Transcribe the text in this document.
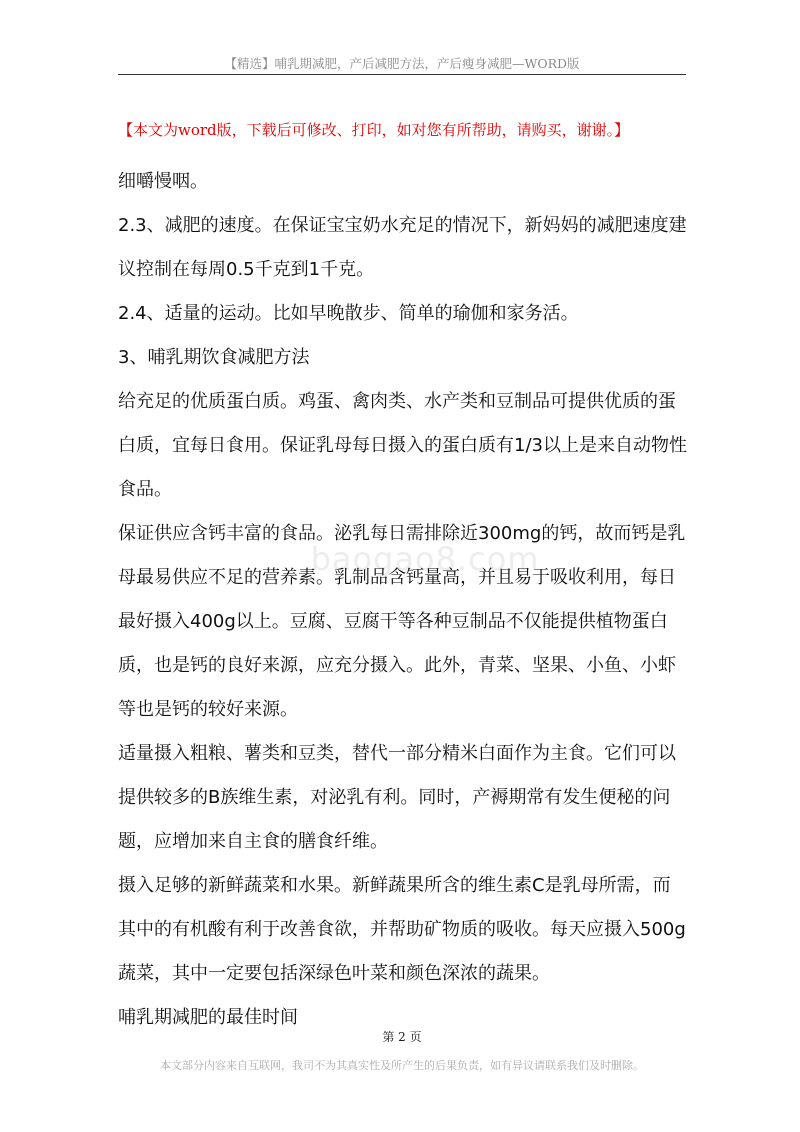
【精选】哺乳期减肥，产后减肥方法，产后瘦身减肥—WORD版
baogao8.com
【本文为word版，下载后可修改、打印，如对您有所帮助，请购买，谢谢。】

细嚼慢咽。

2.3、减肥的速度。在保证宝宝奶水充足的情况下，新妈妈的减肥速度建议控制在每周0.5千克到1千克。

2.4、适量的运动。比如早晚散步、简单的瑜伽和家务活。

3、哺乳期饮食减肥方法

给充足的优质蛋白质。鸡蛋、禽肉类、水产类和豆制品可提供优质的蛋白质，宜每日食用。保证乳母每日摄入的蛋白质有1/3以上是来自动物性食品。

保证供应含钙丰富的食品。泌乳每日需排除近300mg的钙，故而钙是乳母最易供应不足的营养素。乳制品含钙量高，并且易于吸收利用，每日最好摄入400g以上。豆腐、豆腐干等各种豆制品不仅能提供植物蛋白质，也是钙的良好来源，应充分摄入。此外，青菜、坚果、小鱼、小虾等也是钙的较好来源。

适量摄入粗粮、薯类和豆类，替代一部分精米白面作为主食。它们可以提供较多的B族维生素，对泌乳有利。同时，产褥期常有发生便秘的问题，应增加来自主食的膳食纤维。

摄入足够的新鲜蔬菜和水果。新鲜蔬果所含的维生素C是乳母所需，而其中的有机酸有利于改善食欲，并帮助矿物质的吸收。每天应摄入500g蔬菜，其中一定要包括深绿色叶菜和颜色深浓的蔬果。

哺乳期减肥的最佳时间

第 2 页
本文部分内容来自互联网，我司不为其真实性及所产生的后果负责，如有异议请联系我们及时删除。
